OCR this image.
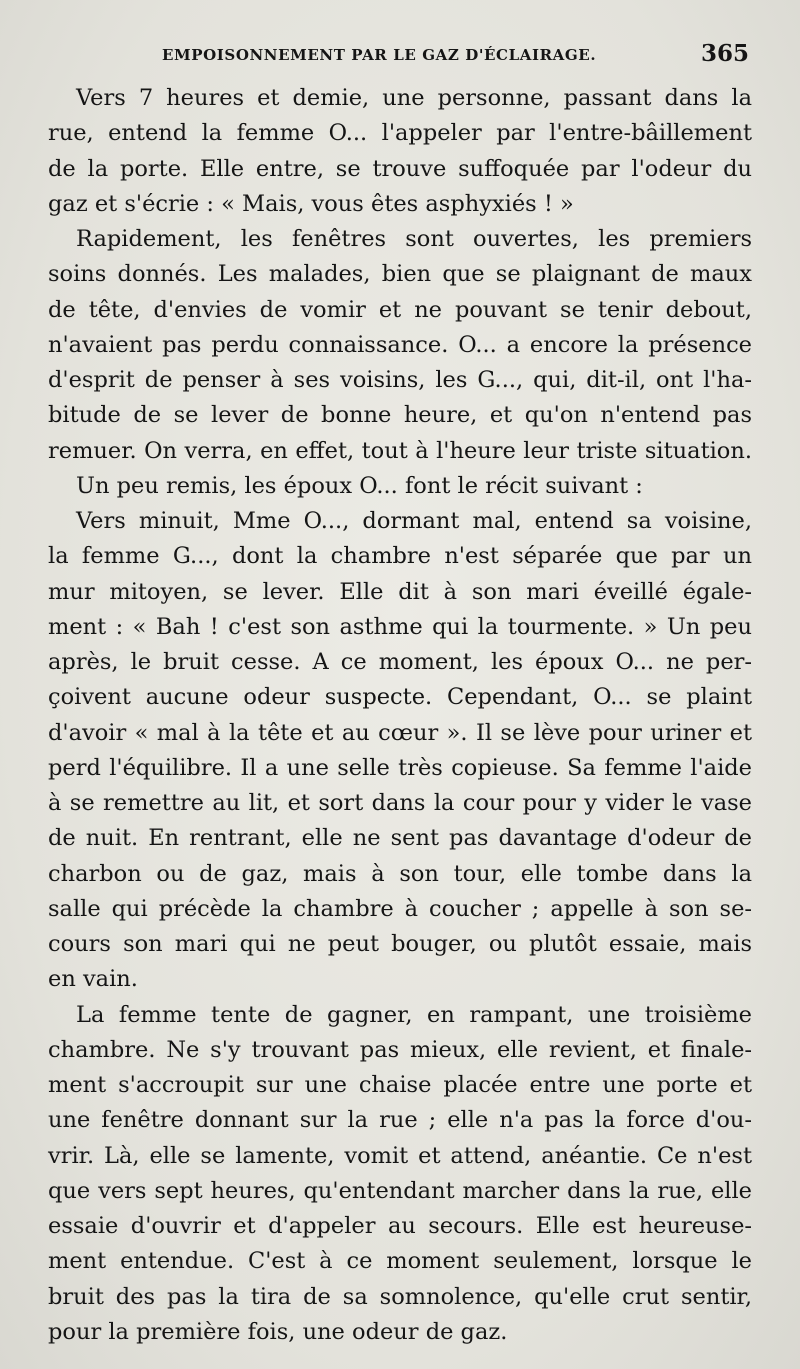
EMPOISONNEMENT PAR LE GAZ D'ÉCLAIRAGE.	365
Vers 7 heures et demie, une personne, passant dans la
rue, entend la femme O... l'appeler par l'entre-bâillement
de la porte. Elle entre, se trouve suffoquée par l'odeur du
gaz et s'écrie : « Mais, vous êtes asphyxiés ! »
Rapidement, les fenêtres sont ouvertes, les premiers
soins donnés. Les malades, bien que se plaignant de maux
de tête, d'envies de vomir et ne pouvant se tenir debout,
n'avaient pas perdu connaissance. O... a encore la présence
d'esprit de penser à ses voisins, les G..., qui, dit-il, ont l'ha-
bitude de se lever de bonne heure, et qu'on n'entend pas
remuer. On verra, en effet, tout à l'heure leur triste situation.
Un peu remis, les époux O... font le récit suivant :
Vers minuit, Mme O..., dormant mal, entend sa voisine,
la femme G..., dont la chambre n'est séparée que par un
mur mitoyen, se lever. Elle dit à son mari éveillé égale-
ment : « Bah ! c'est son asthme qui la tourmente. » Un peu
après, le bruit cesse. A ce moment, les époux O... ne per-
çoivent aucune odeur suspecte. Cependant, O... se plaint
d'avoir « mal à la tête et au cœur ». Il se lève pour uriner et
perd l'équilibre. Il a une selle très copieuse. Sa femme l'aide
à se remettre au lit, et sort dans la cour pour y vider le vase
de nuit. En rentrant, elle ne sent pas davantage d'odeur de
charbon ou de gaz, mais à son tour, elle tombe dans la
salle qui précède la chambre à coucher ; appelle à son se-
cours son mari qui ne peut bouger, ou plutôt essaie, mais
en vain.
La femme tente de gagner, en rampant, une troisième
chambre. Ne s'y trouvant pas mieux, elle revient, et finale-
ment s'accroupit sur une chaise placée entre une porte et
une fenêtre donnant sur la rue ; elle n'a pas la force d'ou-
vrir. Là, elle se lamente, vomit et attend, anéantie. Ce n'est
que vers sept heures, qu'entendant marcher dans la rue, elle
essaie d'ouvrir et d'appeler au secours. Elle est heureuse-
ment entendue. C'est à ce moment seulement, lorsque le
bruit des pas la tira de sa somnolence, qu'elle crut sentir,
pour la première fois, une odeur de gaz.
